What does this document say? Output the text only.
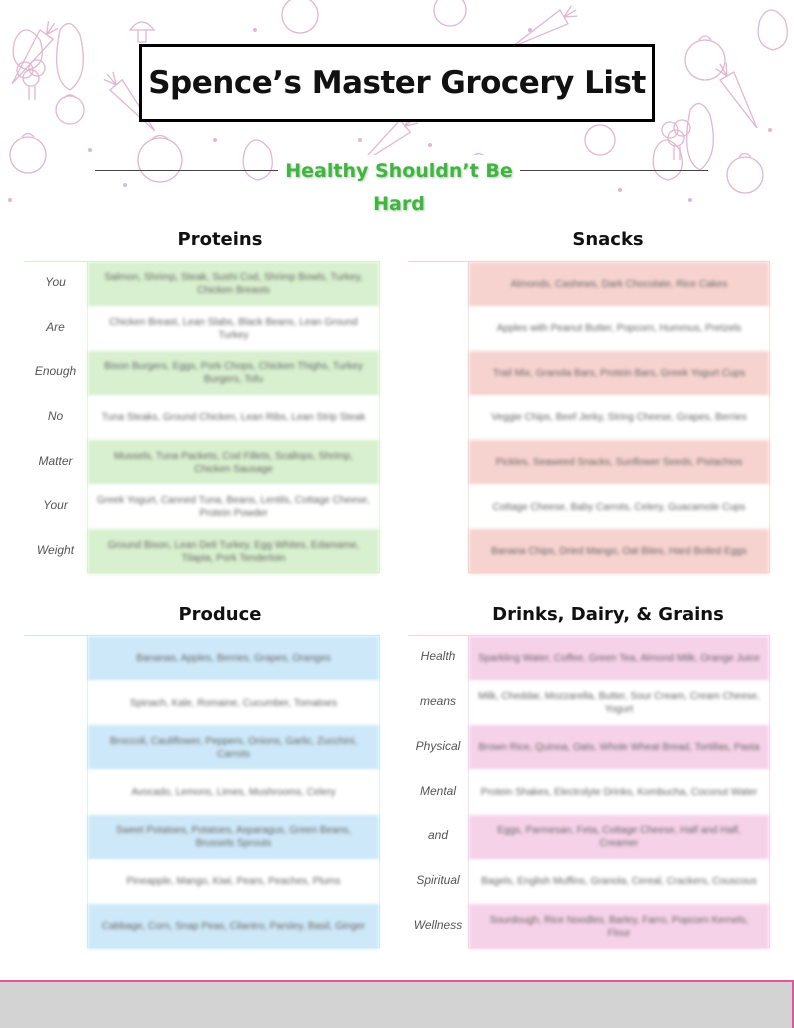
Spence’s Master Grocery List
Healthy Shouldn’t Be Hard
Proteins	Snacks
Produce	Drinks, Dairy, & Grains
You
Are
Enough
No
Matter
Your
Weight
Salmon, Shrimp, Steak, Sushi Cod, Shrimp Bowls, Turkey, Chicken Breasts
Chicken Breast, Lean Slabs, Black Beans, Lean Ground Turkey
Bison Burgers, Eggs, Pork Chops, Chicken Thighs, Turkey Burgers, Tofu
Tuna Steaks, Ground Chicken, Lean Ribs, Lean Strip Steak
Mussels, Tuna Packets, Cod Fillets, Scallops, Shrimp, Chicken Sausage
Greek Yogurt, Canned Tuna, Beans, Lentils, Cottage Cheese, Protein Powder
Ground Bison, Lean Deli Turkey, Egg Whites, Edamame, Tilapia, Pork Tenderloin
Almonds, Cashews, Dark Chocolate, Rice Cakes
Apples with Peanut Butter, Popcorn, Hummus, Pretzels
Trail Mix, Granola Bars, Protein Bars, Greek Yogurt Cups
Veggie Chips, Beef Jerky, String Cheese, Grapes, Berries
Pickles, Seaweed Snacks, Sunflower Seeds, Pistachios
Cottage Cheese, Baby Carrots, Celery, Guacamole Cups
Banana Chips, Dried Mango, Oat Bites, Hard Boiled Eggs
Bananas, Apples, Berries, Grapes, Oranges
Spinach, Kale, Romaine, Cucumber, Tomatoes
Broccoli, Cauliflower, Peppers, Onions, Garlic, Zucchini, Carrots
Avocado, Lemons, Limes, Mushrooms, Celery
Sweet Potatoes, Potatoes, Asparagus, Green Beans, Brussels Sprouts
Pineapple, Mango, Kiwi, Pears, Peaches, Plums
Cabbage, Corn, Snap Peas, Cilantro, Parsley, Basil, Ginger
Health
means
Physical
Mental
and
Spiritual
Wellness
Sparkling Water, Coffee, Green Tea, Almond Milk, Orange Juice
Milk, Cheddar, Mozzarella, Butter, Sour Cream, Cream Cheese, Yogurt
Brown Rice, Quinoa, Oats, Whole Wheat Bread, Tortillas, Pasta
Protein Shakes, Electrolyte Drinks, Kombucha, Coconut Water
Eggs, Parmesan, Feta, Cottage Cheese, Half and Half, Creamer
Bagels, English Muffins, Granola, Cereal, Crackers, Couscous
Sourdough, Rice Noodles, Barley, Farro, Popcorn Kernels, Flour
